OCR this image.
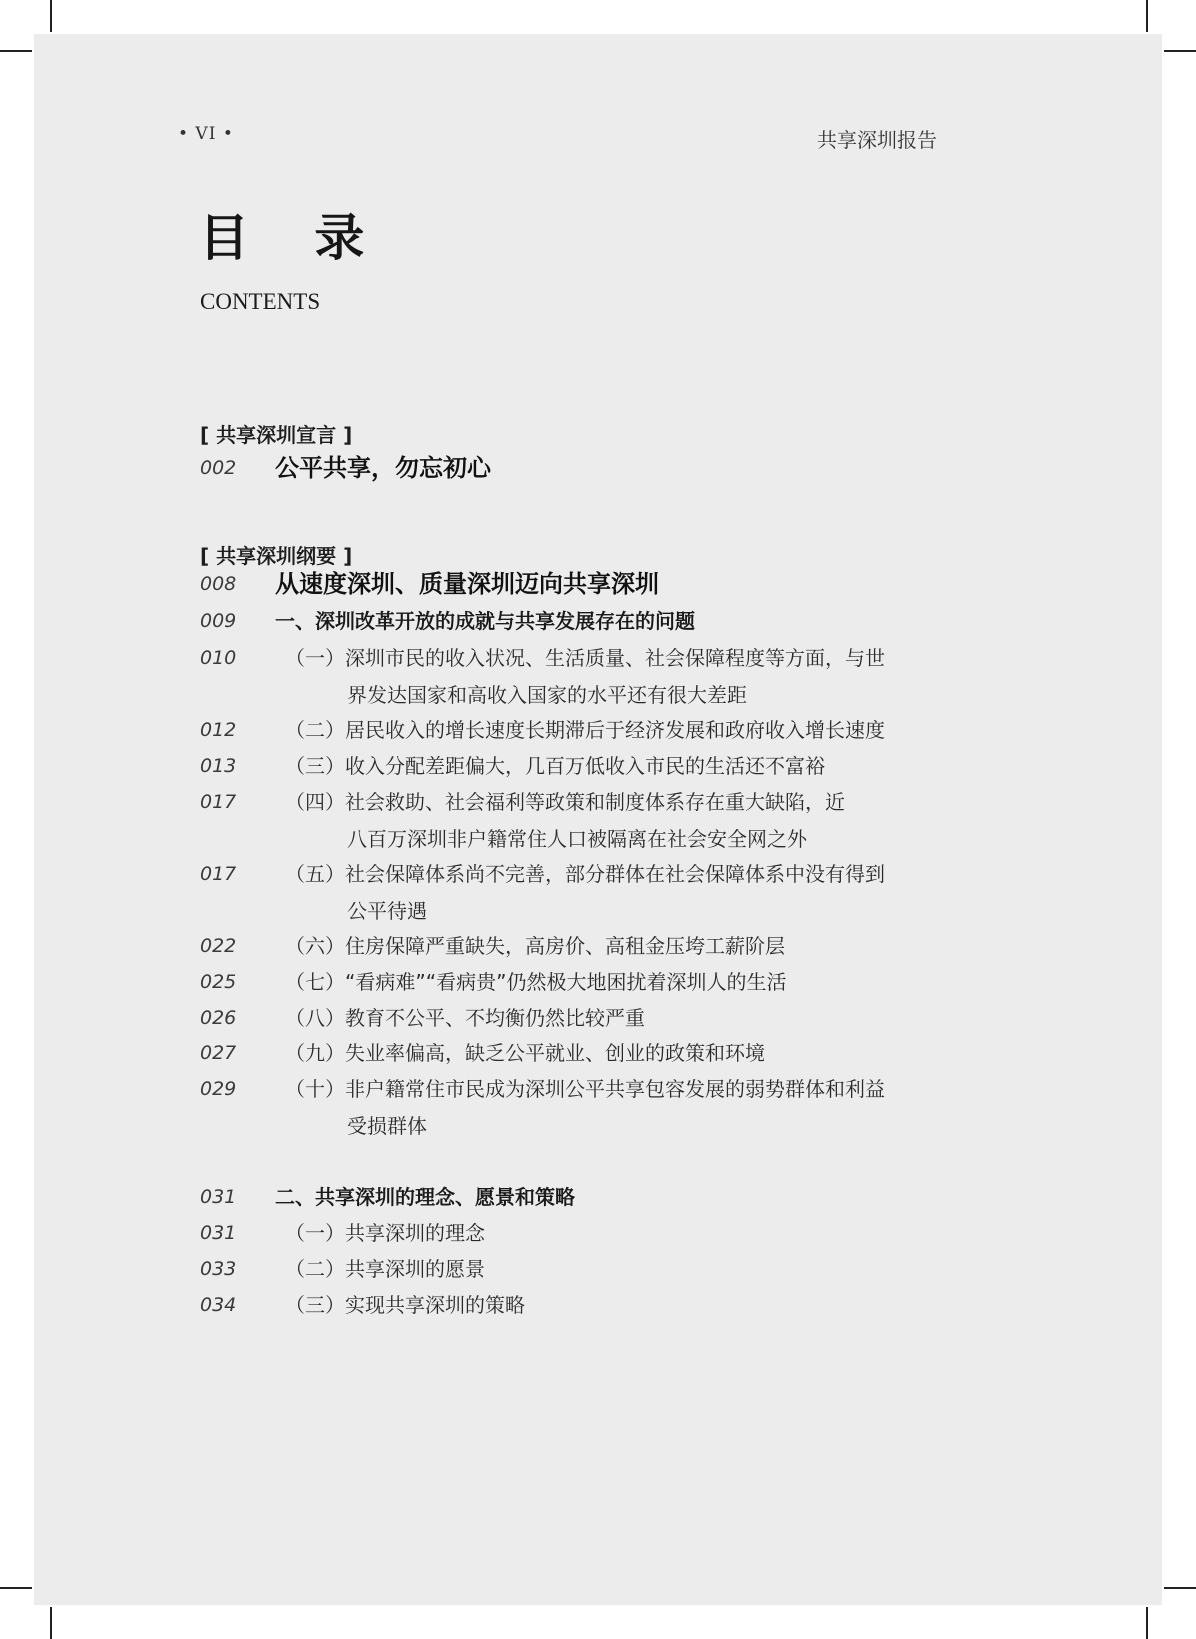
• VI •	共享深圳报告
目 录
CONTENTS
[ 共享深圳宣言 ]
002	公平共享，勿忘初心
[ 共享深圳纲要 ]
008	从速度深圳、质量深圳迈向共享深圳
009	一、深圳改革开放的成就与共享发展存在的问题
010	（一）深圳市民的收入状况、生活质量、社会保障程度等方面，与世
界发达国家和高收入国家的水平还有很大差距
012	（二）居民收入的增长速度长期滞后于经济发展和政府收入增长速度
013	（三）收入分配差距偏大，几百万低收入市民的生活还不富裕
017	（四）社会救助、社会福利等政策和制度体系存在重大缺陷，近
八百万深圳非户籍常住人口被隔离在社会安全网之外
017	（五）社会保障体系尚不完善，部分群体在社会保障体系中没有得到
公平待遇
022	（六）住房保障严重缺失，高房价、高租金压垮工薪阶层
025	（七）“看病难”“看病贵”仍然极大地困扰着深圳人的生活
026	（八）教育不公平、不均衡仍然比较严重
027	（九）失业率偏高，缺乏公平就业、创业的政策和环境
029	（十）非户籍常住市民成为深圳公平共享包容发展的弱势群体和利益
受损群体
031	二、共享深圳的理念、愿景和策略
031	（一）共享深圳的理念
033	（二）共享深圳的愿景
034	（三）实现共享深圳的策略
